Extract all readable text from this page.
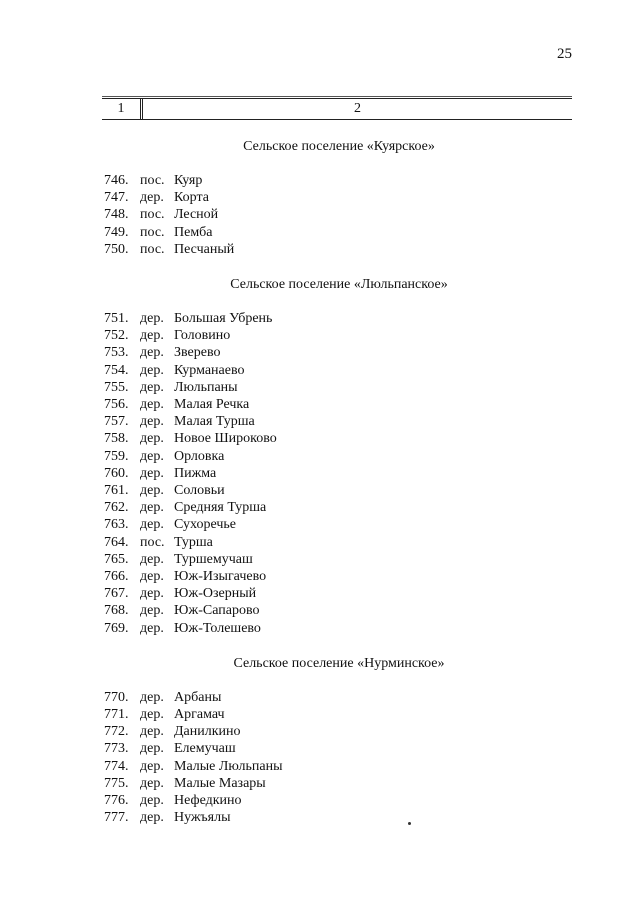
25
1	2
Сельское поселение «Куярское»
746. пос. Куяр
747. дер. Корта
748. пос. Лесной
749. пос. Пемба
750. пос. Песчаный
Сельское поселение «Люльпанское»
751. дер. Большая Убрень
752. дер. Головино
753. дер. Зверево
754. дер. Курманаево
755. дер. Люльпаны
756. дер. Малая Речка
757. дер. Малая Турша
758. дер. Новое Широково
759. дер. Орловка
760. дер. Пижма
761. дер. Соловьи
762. дер. Средняя Турша
763. дер. Сухоречье
764. пос. Турша
765. дер. Туршемучаш
766. дер. Юж-Изыгачево
767. дер. Юж-Озерный
768. дер. Юж-Сапарово
769. дер. Юж-Толешево
Сельское поселение «Нурминское»
770. дер. Арбаны
771. дер. Аргамач
772. дер. Данилкино
773. дер. Елемучаш
774. дер. Малые Люльпаны
775. дер. Малые Мазары
776. дер. Нефедкино
777. дер. Нужъялы
